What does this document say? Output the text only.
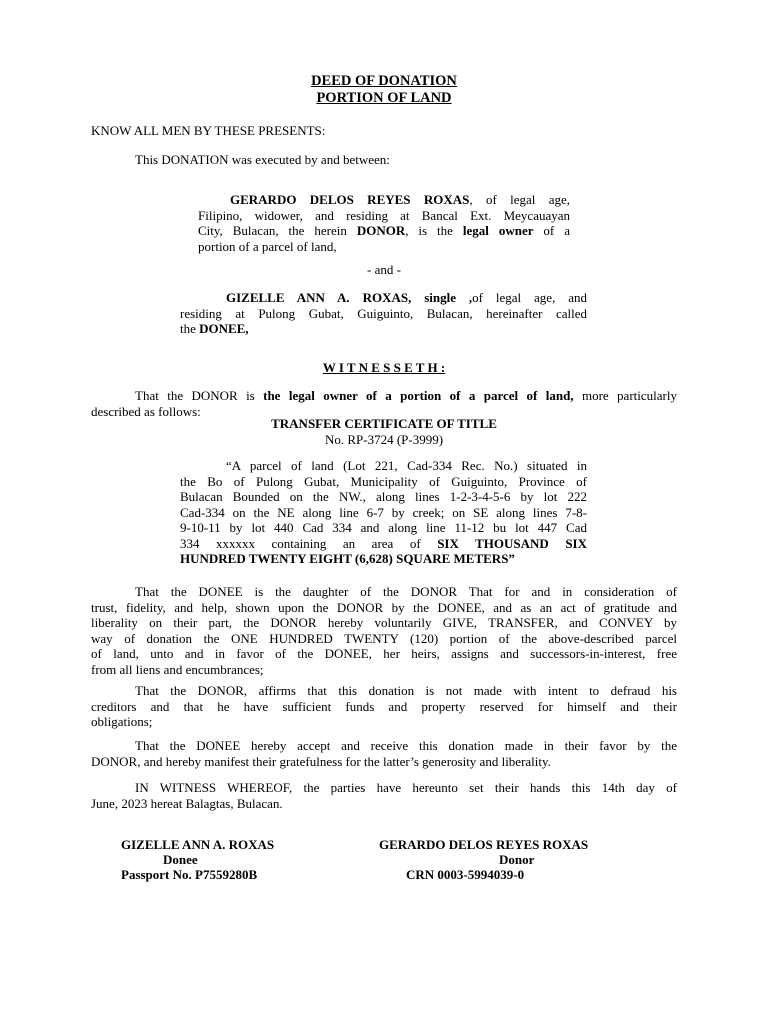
DEED OF DONATION

PORTION OF LAND

KNOW ALL MEN BY THESE PRESENTS:

This DONATION was executed by and between:

GERARDO DELOS REYES ROXAS, of legal age,
Filipino, widower, and residing at Bancal Ext. Meycauayan
City, Bulacan, the herein DONOR, is the legal owner of a
portion of a parcel of land,

- and -

GIZELLE ANN A. ROXAS, single ,of legal age, and
residing at Pulong Gubat, Guiguinto, Bulacan, hereinafter called
the DONEE,

W I T N E S S E T H :

That the DONOR is the legal owner of a portion of a parcel of land, more particularly
described as follows:

TRANSFER CERTIFICATE OF TITLE

No. RP-3724 (P-3999)

“A parcel of land (Lot 221, Cad-334 Rec. No.) situated in
the Bo of Pulong Gubat, Municipality of Guiguinto, Province of
Bulacan Bounded on the NW., along lines 1-2-3-4-5-6 by lot 222
Cad-334 on the NE along line 6-7 by creek; on SE along lines 7-8-
9-10-11 by lot 440 Cad 334 and along line 11-12 bu lot 447 Cad
334 xxxxxx containing an area of SIX THOUSAND SIX
HUNDRED TWENTY EIGHT (6,628) SQUARE METERS”
That the DONEE is the daughter of the DONOR That for and in consideration of
trust, fidelity, and help, shown upon the DONOR by the DONEE, and as an act of gratitude and
liberality on their part, the DONOR hereby voluntarily GIVE, TRANSFER, and CONVEY by
way of donation the ONE HUNDRED TWENTY (120) portion of the above-described parcel
of land, unto and in favor of the DONEE, her heirs, assigns and successors-in-interest, free
from all liens and encumbrances;
That the DONOR, affirms that this donation is not made with intent to defraud his
creditors and that he have sufficient funds and property reserved for himself and their
obligations;
That the DONEE hereby accept and receive this donation made in their favor by the
DONOR, and hereby manifest their gratefulness for the latter’s generosity and liberality.
IN WITNESS WHEREOF, the parties have hereunto set their hands this 14th day of
June, 2023 hereat Balagtas, Bulacan.

GIZELLE ANN A. ROXAS

Donee

Passport No. P7559280B

GERARDO DELOS REYES ROXAS

Donor

CRN 0003-5994039-0
